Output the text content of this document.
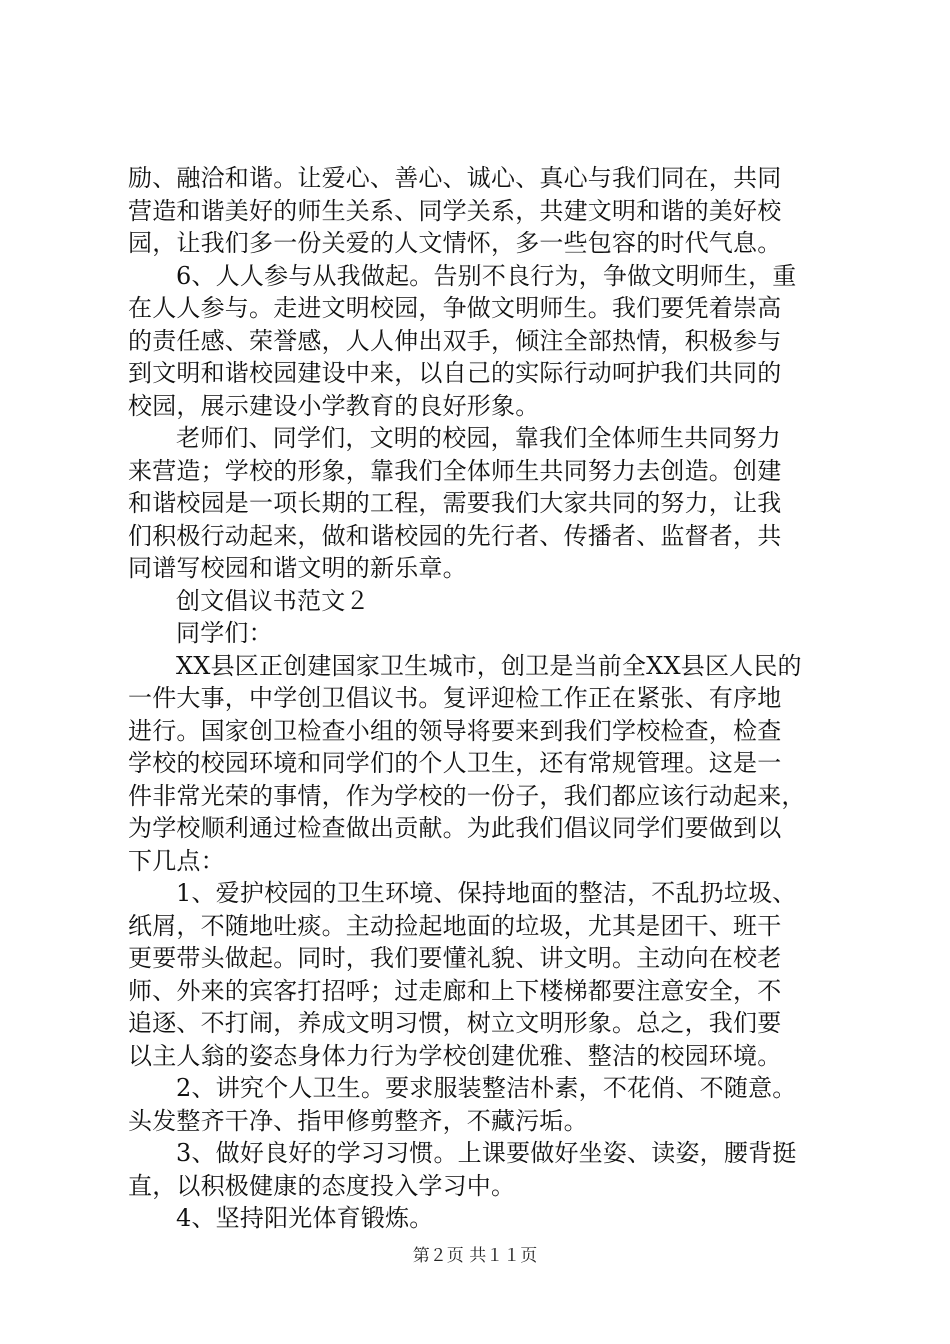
励、融洽和谐。让爱心、善心、诚心、真心与我们同在，共同
营造和谐美好的师生关系、同学关系，共建文明和谐的美好校
园，让我们多一份关爱的人文情怀，多一些包容的时代气息。
6、人人参与从我做起。告别不良行为，争做文明师生，重
在人人参与。走进文明校园，争做文明师生。我们要凭着崇高
的责任感、荣誉感，人人伸出双手，倾注全部热情，积极参与
到文明和谐校园建设中来，以自己的实际行动呵护我们共同的
校园，展示建设小学教育的良好形象。
老师们、同学们，文明的校园，靠我们全体师生共同努力
来营造；学校的形象，靠我们全体师生共同努力去创造。创建
和谐校园是一项长期的工程，需要我们大家共同的努力，让我
们积极行动起来，做和谐校园的先行者、传播者、监督者，共
同谱写校园和谐文明的新乐章。
创文倡议书范文２
同学们：
XX县区正创建国家卫生城市，创卫是当前全XX县区人民的
一件大事，中学创卫倡议书。复评迎检工作正在紧张、有序地
进行。国家创卫检查小组的领导将要来到我们学校检查，检查
学校的校园环境和同学们的个人卫生，还有常规管理。这是一
件非常光荣的事情，作为学校的一份子，我们都应该行动起来，
为学校顺利通过检查做出贡献。为此我们倡议同学们要做到以
下几点：
1、爱护校园的卫生环境、保持地面的整洁，不乱扔垃圾、
纸屑，不随地吐痰。主动捡起地面的垃圾，尤其是团干、班干
更要带头做起。同时，我们要懂礼貌、讲文明。主动向在校老
师、外来的宾客打招呼；过走廊和上下楼梯都要注意安全，不
追逐、不打闹，养成文明习惯，树立文明形象。总之，我们要
以主人翁的姿态身体力行为学校创建优雅、整洁的校园环境。
2、讲究个人卫生。要求服装整洁朴素，不花俏、不随意。
头发整齐干净、指甲修剪整齐，不藏污垢。
3、做好良好的学习习惯。上课要做好坐姿、读姿，腰背挺
直，以积极健康的态度投入学习中。
4、坚持阳光体育锻炼。
第２页 共１１页
